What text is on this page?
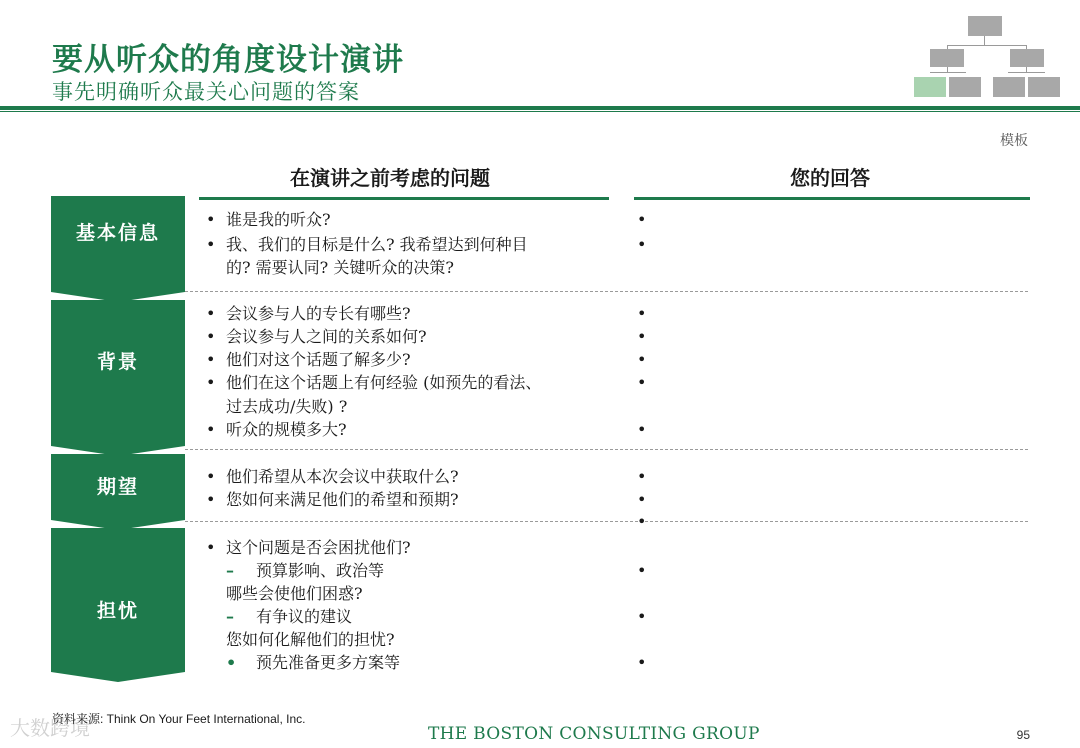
要从听众的角度设计演讲
事先明确听众最关心问题的答案
模板
在演讲之前考虑的问题	您的回答
基本信息
背景
期望
担忧
• 谁是我的听众?
• 我、我们的目标是什么? 我希望达到何种目
的? 需要认同? 关键听众的决策?
•
•
• 会议参与人的专长有哪些?
• 会议参与人之间的关系如何?
• 他们对这个话题了解多少?
• 他们在这个话题上有何经验 (如预先的看法、
过去成功/失败) ?
• 听众的规模多大?
•
•
•
•
•
• 他们希望从本次会议中获取什么?
• 您如何来满足他们的希望和预期?
•
•
•
• 这个问题是否会困扰他们?
– 预算影响、政治等
哪些会使他们困惑?
– 有争议的建议
您如何化解他们的担忧?
• 预先准备更多方案等
•
•
•
大数跨境
资料来源: Think On Your Feet International, Inc.
THE BOSTON CONSULTING GROUP	95
